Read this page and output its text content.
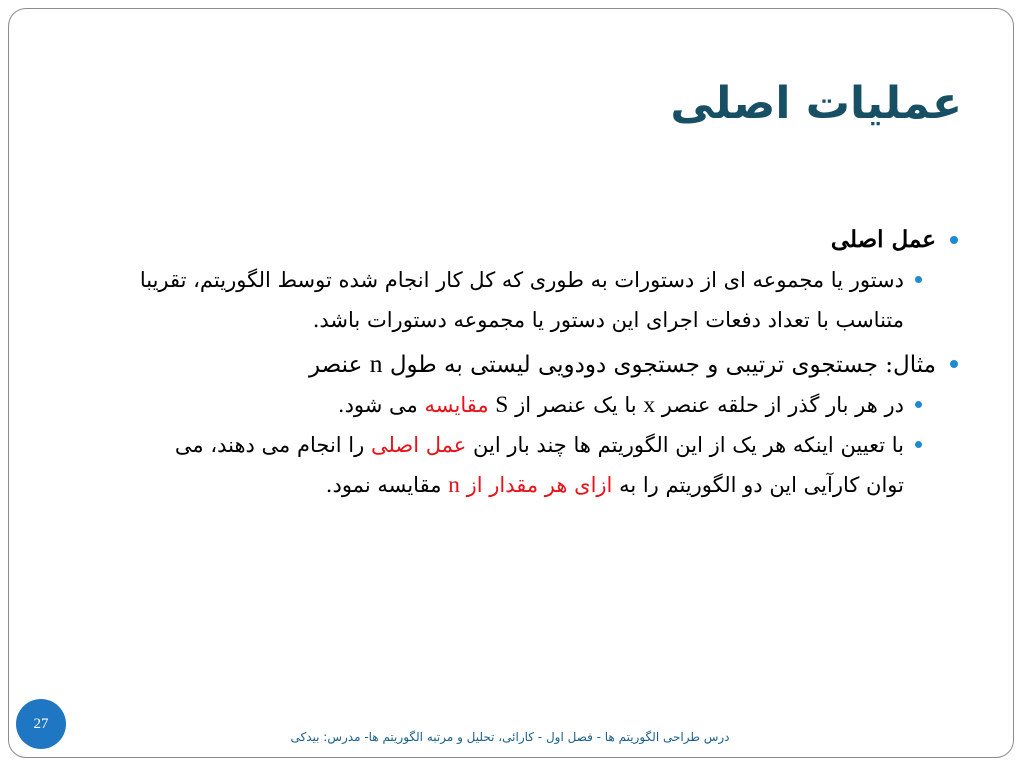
عملیات اصلی

عمل اصلی

دستور یا مجموعه ای از دستورات به طوری که کل کار انجام شده توسط الگوریتم، تقریبا متناسب با تعداد دفعات اجرای این دستور یا مجموعه دستورات باشد.

مثال: جستجوی ترتیبی و جستجوی دودویی لیستی به طول n عنصر

در هر بار گذر از حلقه عنصر x با یک عنصر از S مقایسه می شود.

با تعیین اینکه هر یک از این الگوریتم ها چند بار این عمل اصلی را انجام می دهند، می توان کارآیی این دو الگوریتم را به ازای هر مقدار از n مقایسه نمود.

27
درس طراحی الگوریتم ها - فصل اول - کارائی، تحلیل و مرتبه الگوریتم ها- مدرس: بیدکی
